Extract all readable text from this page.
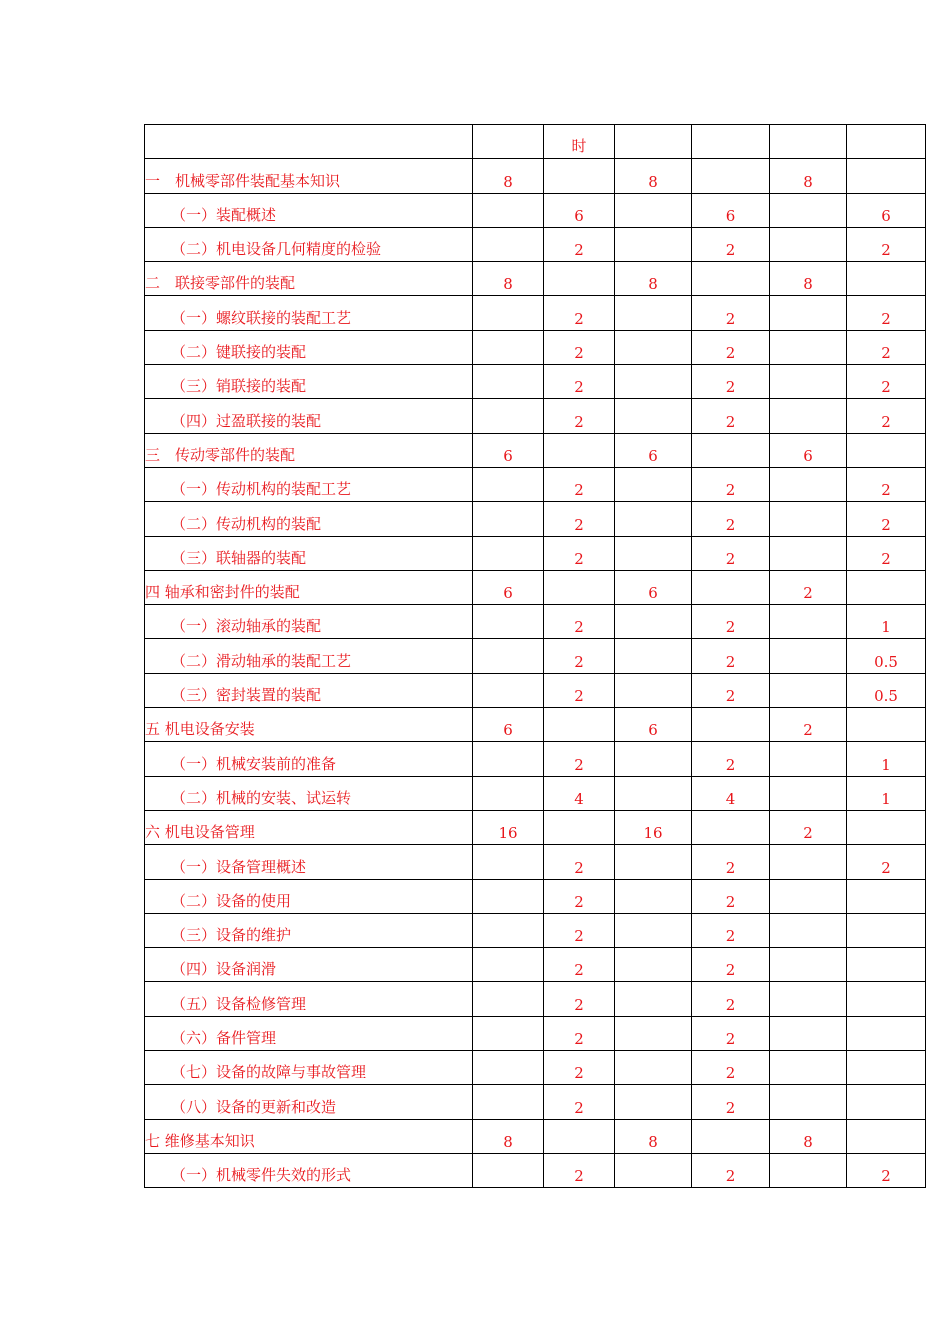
		时				
一　机械零部件装配基本知识	8		8		8	
（一）装配概述		6		6		6
（二）机电设备几何精度的检验		2		2		2
二　联接零部件的装配	8		8		8	
（一）螺纹联接的装配工艺		2		2		2
（二）键联接的装配		2		2		2
（三）销联接的装配		2		2		2
（四）过盈联接的装配		2		2		2
三　传动零部件的装配	6		6		6	
（一）传动机构的装配工艺		2		2		2
（二）传动机构的装配		2		2		2
（三）联轴器的装配		2		2		2
四 轴承和密封件的装配	6		6		2	
（一）滚动轴承的装配		2		2		1
（二）滑动轴承的装配工艺		2		2		0.5
（三）密封装置的装配		2		2		0.5
五 机电设备安装	6		6		2	
（一）机械安装前的准备		2		2		1
（二）机械的安装、试运转		4		4		1
六 机电设备管理	16		16		2	
（一）设备管理概述		2		2		2
（二）设备的使用		2		2		
（三）设备的维护		2		2		
（四）设备润滑		2		2		
（五）设备检修管理		2		2		
（六）备件管理		2		2		
（七）设备的故障与事故管理		2		2		
（八）设备的更新和改造		2		2		
七 维修基本知识	8		8		8	
（一）机械零件失效的形式		2		2		2
